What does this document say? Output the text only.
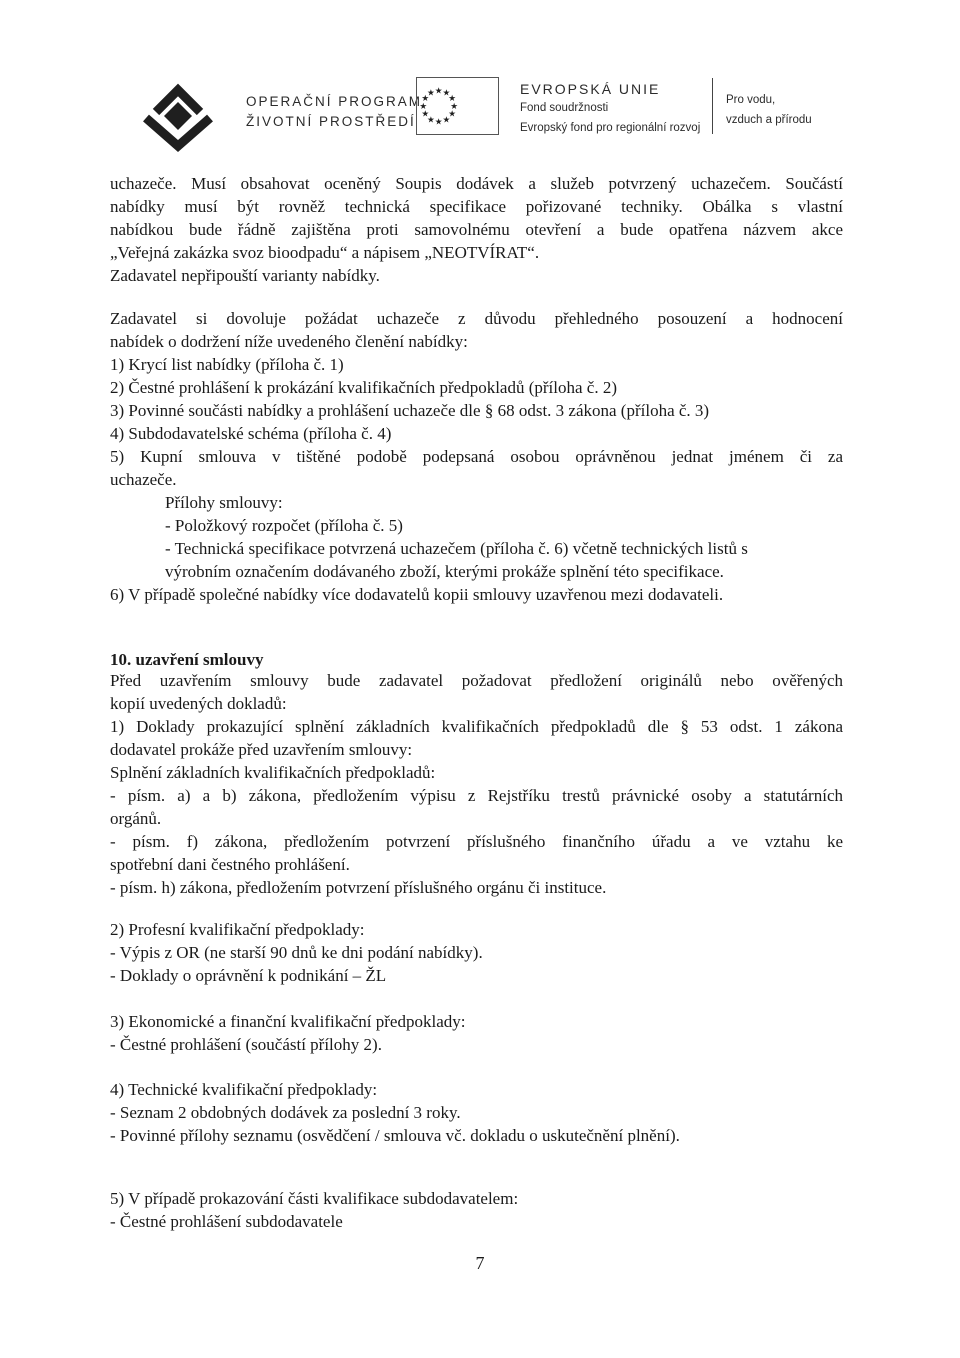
OPERAČNÍ PROGRAM
ŽIVOTNÍ PROSTŘEDÍ
★ ★
★
★
★
★
★
★
★
★
★
★	EVROPSKÁ UNIE
Fond soudržnosti
Evropský fond pro regionální rozvoj
Pro vodu,
vzduch a přírodu
uchazeče. Musí obsahovat oceněný Soupis dodávek a služeb potvrzený uchazečem. Součástí
nabídky musí být rovněž technická specifikace pořizované techniky. Obálka s vlastní
nabídkou bude řádně zajištěna proti samovolnému otevření a bude opatřena názvem akce
„Veřejná zakázka svoz bioodpadu“ a nápisem „NEOTVÍRAT“.
Zadavatel nepřipouští varianty nabídky.
Zadavatel si dovoluje požádat uchazeče z důvodu přehledného posouzení a hodnocení
nabídek o dodržení níže uvedeného členění nabídky:
1) Krycí list nabídky (příloha č. 1)
2) Čestné prohlášení k prokázání kvalifikačních předpokladů (příloha č. 2)
3) Povinné součásti nabídky a prohlášení uchazeče dle § 68 odst. 3 zákona (příloha č. 3)
4) Subdodavatelské schéma (příloha č. 4)
5) Kupní smlouva v tištěné podobě podepsaná osobou oprávněnou jednat jménem či za
uchazeče.
Přílohy smlouvy:
- Položkový rozpočet (příloha č. 5)
- Technická specifikace potvrzená uchazečem (příloha č. 6) včetně technických listů s
výrobním označením dodávaného zboží, kterými prokáže splnění této specifikace.
6) V případě společné nabídky více dodavatelů kopii smlouvy uzavřenou mezi dodavateli.
10. uzavření smlouvy
Před uzavřením smlouvy bude zadavatel požadovat předložení originálů nebo ověřených
kopií uvedených dokladů:
1) Doklady prokazující splnění základních kvalifikačních předpokladů dle § 53 odst. 1 zákona
dodavatel prokáže před uzavřením smlouvy:
Splnění základních kvalifikačních předpokladů:
- písm. a) a b) zákona, předložením výpisu z Rejstříku trestů právnické osoby a statutárních
orgánů.
- písm. f) zákona, předložením potvrzení příslušného finančního úřadu a ve vztahu ke
spotřební dani čestného prohlášení.
- písm. h) zákona, předložením potvrzení příslušného orgánu či instituce.
2) Profesní kvalifikační předpoklady:
- Výpis z OR (ne starší 90 dnů ke dni podání nabídky).
- Doklady o oprávnění k podnikání – ŽL
3) Ekonomické a finanční kvalifikační předpoklady:
- Čestné prohlášení (součástí přílohy 2).
4) Technické kvalifikační předpoklady:
- Seznam 2 obdobných dodávek za poslední 3 roky.
- Povinné přílohy seznamu (osvědčení / smlouva vč. dokladu o uskutečnění plnění).
5) V případě prokazování části kvalifikace subdodavatelem:
- Čestné prohlášení subdodavatele
7
